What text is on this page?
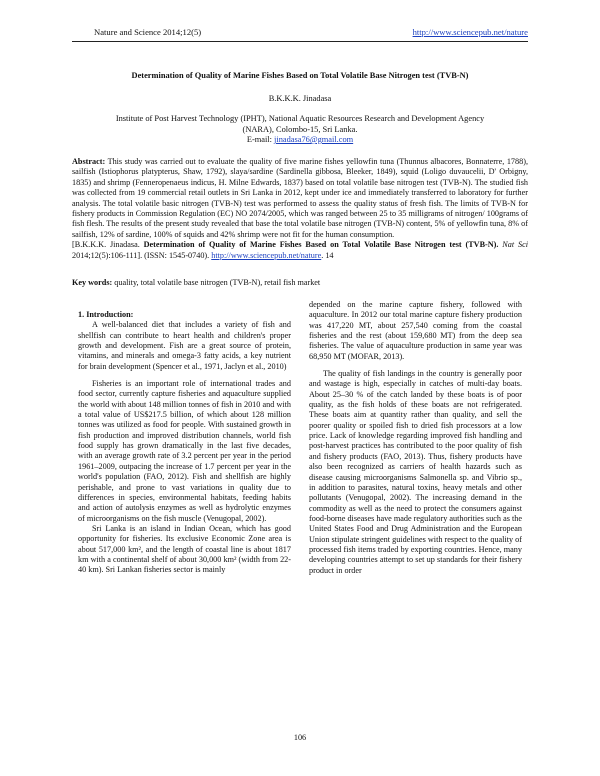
Nature and Science 2014;12(5)	http://www.sciencepub.net/nature
Determination of Quality of Marine Fishes Based on Total Volatile Base Nitrogen test (TVB-N)
B.K.K.K. Jinadasa
Institute of Post Harvest Technology (IPHT), National Aquatic Resources Research and Development Agency
(NARA), Colombo-15, Sri Lanka.
E-mail: jinadasa76@gmail.com
Abstract: This study was carried out to evaluate the quality of five marine fishes yellowfin tuna (Thunnus albacores, Bonnaterre, 1788), sailfish (Istiophorus platypterus, Shaw, 1792), slaya/sardine (Sardinella gibbosa, Bleeker, 1849), squid (Loligo duvaucelii, D' Orbigny, 1835) and shrimp (Fenneropenaeus indicus, H. Milne Edwards, 1837) based on total volatile base nitrogen test (TVB-N). The studied fish was collected from 19 commercial retail outlets in Sri Lanka in 2012, kept under ice and immediately transferred to laboratory for further analysis. The total volatile basic nitrogen (TVB-N) test was performed to assess the quality status of fresh fish. The limits of TVB-N for fishery products in Commission Regulation (EC) NO 2074/2005, which was ranged between 25 to 35 milligrams of nitrogen/ 100grams of fish flesh. The results of the present study revealed that base the total volatile base nitrogen (TVB-N) content, 5% of yellowfin tuna, 8% of sailfish, 12% of sardine, 100% of squids and 42% shrimp were not fit for the human consumption.
[B.K.K.K. Jinadasa. Determination of Quality of Marine Fishes Based on Total Volatile Base Nitrogen test (TVB-N). Nat Sci 2014;12(5):106-111]. (ISSN: 1545-0740). http://www.sciencepub.net/nature. 14
Key words: quality, total volatile base nitrogen (TVB-N), retail fish market
1. Introduction:

A well-balanced diet that includes a variety of fish and shellfish can contribute to heart health and children's proper growth and development. Fish are a great source of protein, vitamins, and minerals and omega-3 fatty acids, a key nutrient for brain development (Spencer et al., 1971, Jaclyn et al., 2010)

Fisheries is an important role of international trades and food sector, currently capture fisheries and aquaculture supplied the world with about 148 million tonnes of fish in 2010 and with a total value of US$217.5 billion, of which about 128 million tonnes was utilized as food for people. With sustained growth in fish production and improved distribution channels, world fish food supply has grown dramatically in the last five decades, with an average growth rate of 3.2 percent per year in the period 1961–2009, outpacing the increase of 1.7 percent per year in the world's population (FAO, 2012). Fish and shellfish are highly perishable, and prone to vast variations in quality due to differences in species, environmental habitats, feeding habits and action of autolysis enzymes as well as hydrolytic enzymes of microorganisms on the fish muscle (Venugopal, 2002).

Sri Lanka is an island in Indian Ocean, which has good opportunity for fisheries. Its exclusive Economic Zone area is about 517,000 km², and the length of coastal line is about 1817 km with a continental shelf of about 30,000 km² (width from 22-40 km). Sri Lankan fisheries sector is mainly

depended on the marine capture fishery, followed with aquaculture. In 2012 our total marine capture fishery production was 417,220 MT, about 257,540 coming from the coastal fisheries and the rest (about 159,680 MT) from the deep sea fisheries. The value of aquaculture production in same year was 68,950 MT (MOFAR, 2013).

The quality of fish landings in the country is generally poor and wastage is high, especially in catches of multi-day boats. About 25–30 % of the catch landed by these boats is of poor quality, as the fish holds of these boats are not refrigerated. These boats aim at quantity rather than quality, and sell the poorer quality or spoiled fish to dried fish processors at a low price. Lack of knowledge regarding improved fish handling and post-harvest practices has contributed to the poor quality of fish and fishery products (FAO, 2013). Thus, fishery products have also been recognized as carriers of health hazards such as disease causing microorganisms Salmonella sp. and Vibrio sp., in addition to parasites, natural toxins, heavy metals and other pollutants (Venugopal, 2002). The increasing demand in the commodity as well as the need to protect the consumers against food-borne diseases have made regulatory authorities such as the United States Food and Drug Administration and the European Union stipulate stringent guidelines with respect to the quality of processed fish items traded by exporting countries. Hence, many developing countries attempt to set up standards for their fishery product in order

106
